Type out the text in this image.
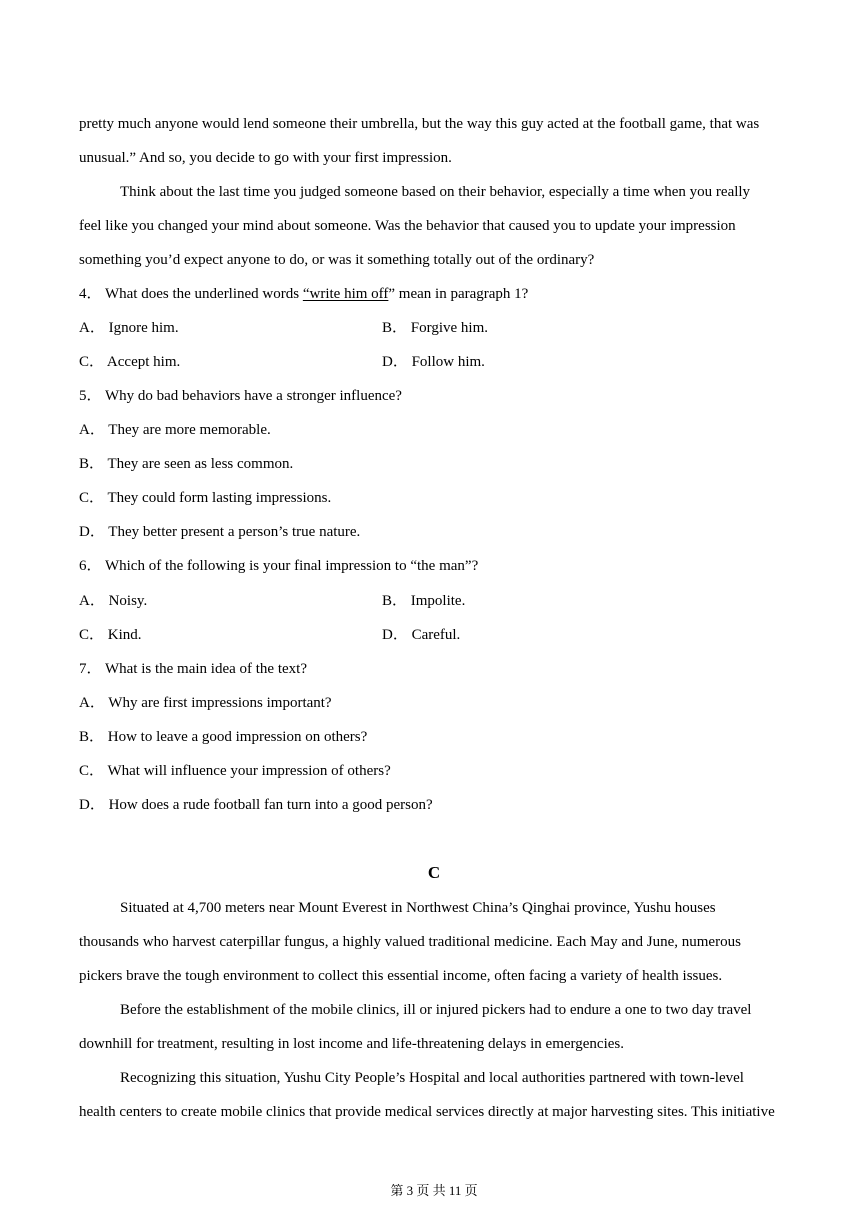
pretty much anyone would lend someone their umbrella, but the way this guy acted at the football game, that was

unusual.” And so, you decide to go with your first impression.

Think about the last time you judged someone based on their behavior, especially a time when you really

feel like you changed your mind about someone. Was the behavior that caused you to update your impression

something you’d expect anyone to do, or was it something totally out of the ordinary?

4． What does the underlined words “write him off” mean in paragraph 1?

A． Ignore him.	B． Forgive him.

C． Accept him.	D． Follow him.

5． Why do bad behaviors have a stronger influence?

A． They are more memorable.

B． They are seen as less common.

C． They could form lasting impressions.

D． They better present a person’s true nature.

6． Which of the following is your final impression to “the man”?

A． Noisy.	B． Impolite.

C． Kind.	D． Careful.

7． What is the main idea of the text?

A． Why are first impressions important?

B． How to leave a good impression on others?

C． What will influence your impression of others?

D． How does a rude football fan turn into a good person?

C

Situated at 4,700 meters near Mount Everest in Northwest China’s Qinghai province, Yushu houses

thousands who harvest caterpillar fungus, a highly valued traditional medicine. Each May and June, numerous

pickers brave the tough environment to collect this essential income, often facing a variety of health issues.

Before the establishment of the mobile clinics, ill or injured pickers had to endure a one to two day travel

downhill for treatment, resulting in lost income and life-threatening delays in emergencies.

Recognizing this situation, Yushu City People’s Hospital and local authorities partnered with town-level

health centers to create mobile clinics that provide medical services directly at major harvesting sites. This initiative

第 3 页 共 11 页
